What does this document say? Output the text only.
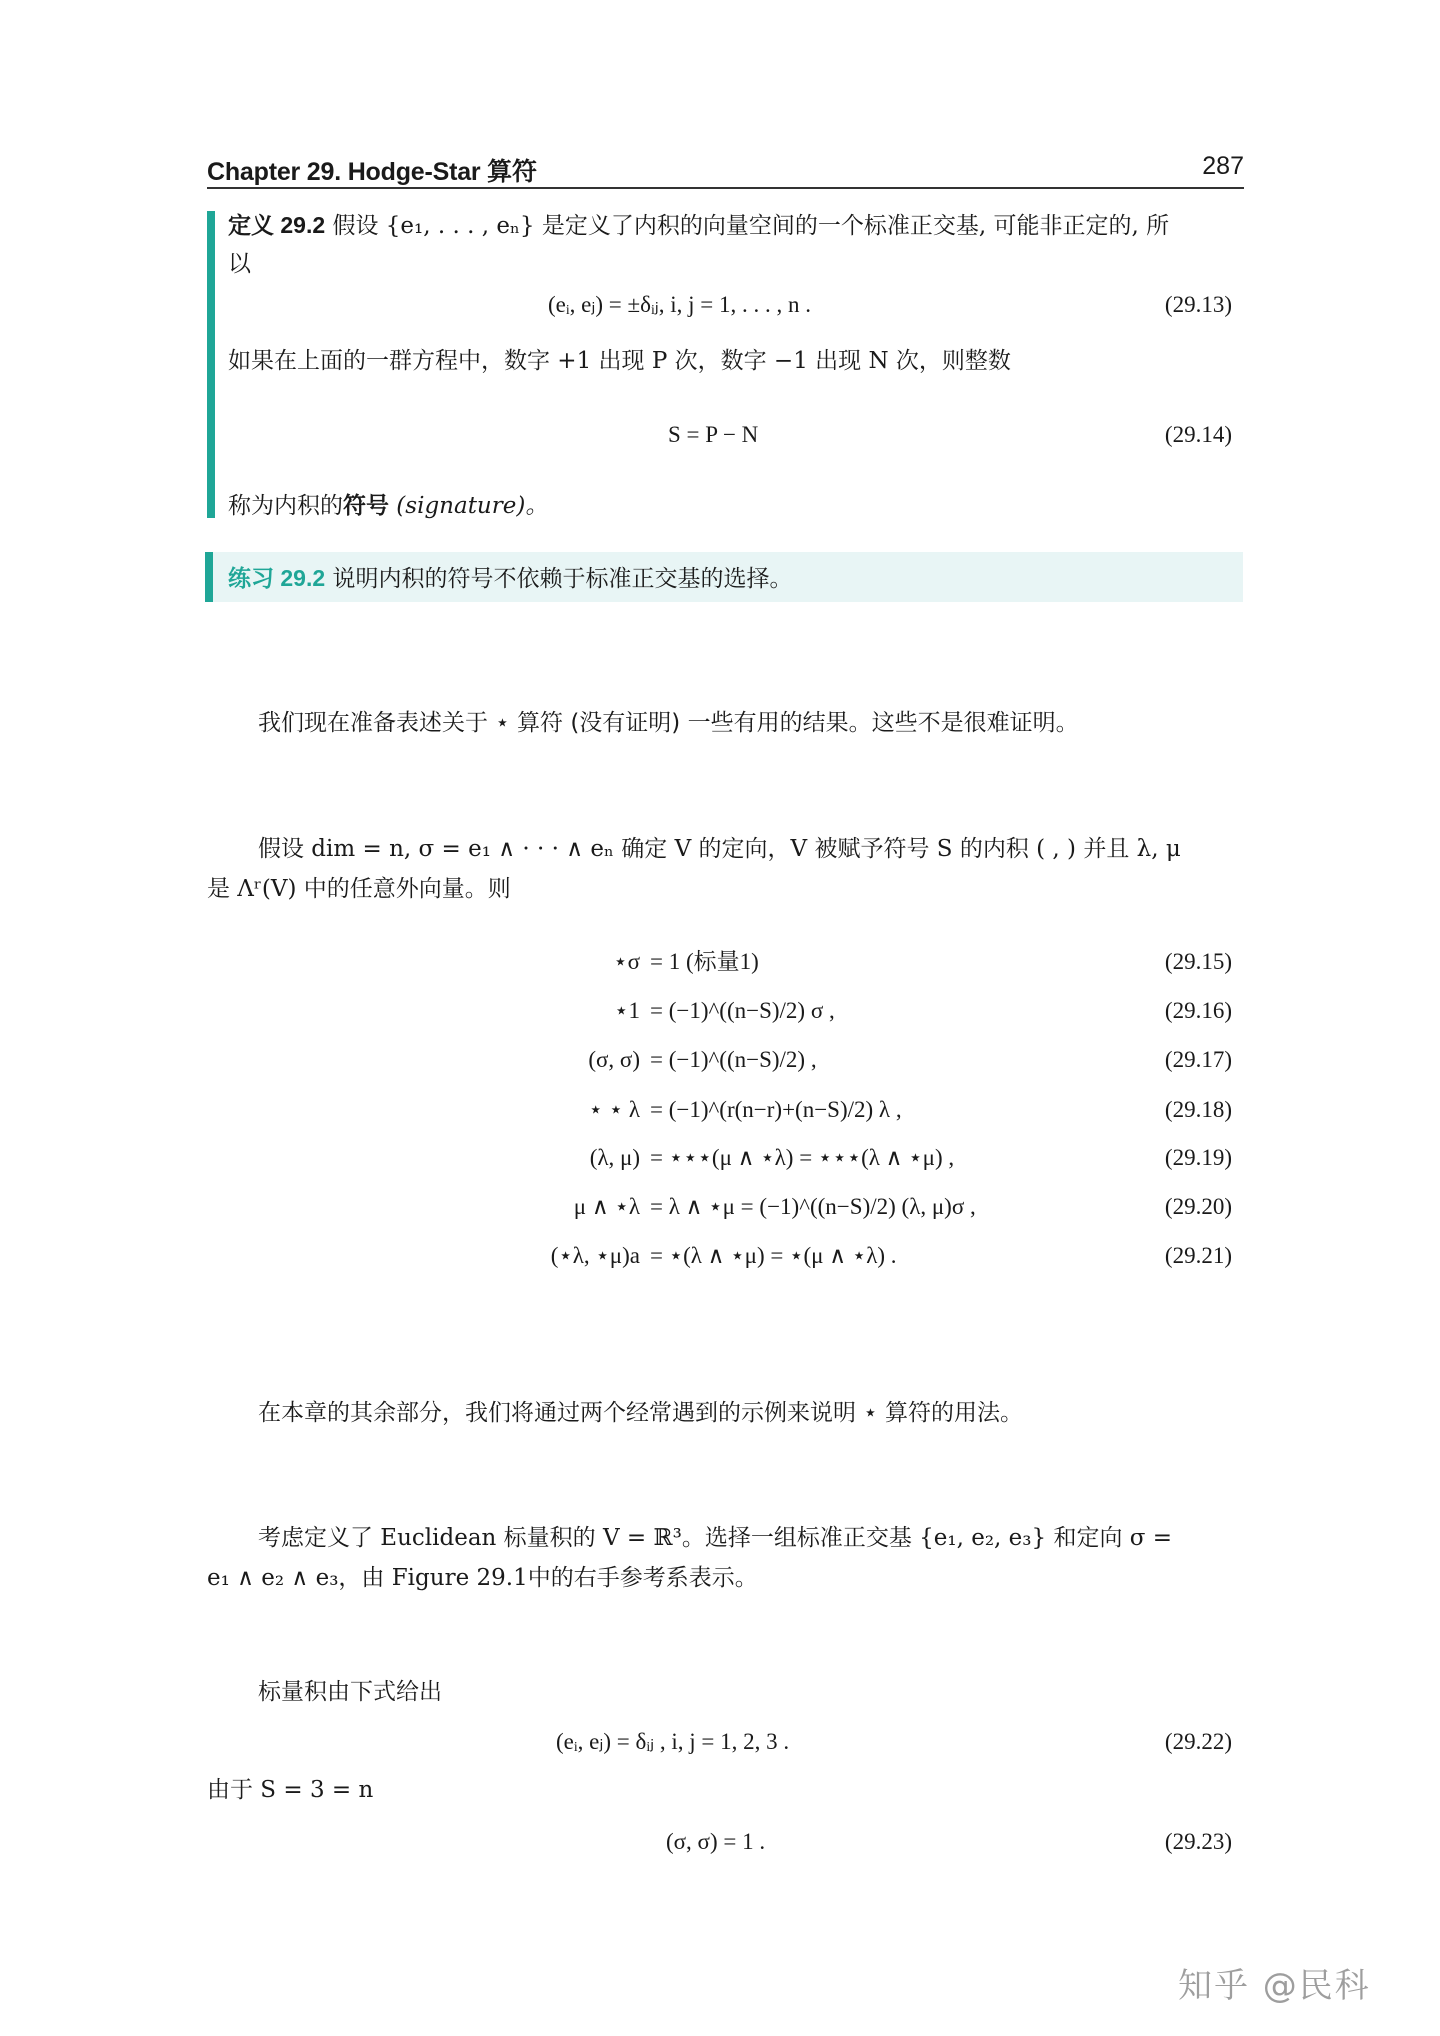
Chapter 29. Hodge-Star 算符	287
定义 29.2 假设 {e₁, . . . , eₙ} 是定义了内积的向量空间的一个标准正交基, 可能非正定的, 所
以
(eᵢ, eⱼ) = ±δᵢⱼ, i, j = 1, . . . , n .	(29.13)
如果在上面的一群方程中，数字 +1 出现 P 次，数字 −1 出现 N 次，则整数
S = P − N	(29.14)
称为内积的符号 (signature)。
练习 29.2 说明内积的符号不依赖于标准正交基的选择。
我们现在准备表述关于 ⋆ 算符 (没有证明) 一些有用的结果。这些不是很难证明。
假设 dim = n, σ = e₁ ∧ · · · ∧ eₙ 确定 V 的定向，V 被赋予符号 S 的内积 ( , ) 并且 λ, μ
是 Λʳ(V) 中的任意外向量。则
⋆σ = 1 (标量1)	(29.15)
⋆1 = (−1)^((n−S)/2) σ ,	(29.16)
(σ, σ) = (−1)^((n−S)/2) ,	(29.17)
⋆ ⋆ λ = (−1)^(r(n−r)+(n−S)/2) λ ,	(29.18)
(λ, μ) = ⋆⋆⋆(μ ∧ ⋆λ) = ⋆⋆⋆(λ ∧ ⋆μ) ,	(29.19)
μ ∧ ⋆λ = λ ∧ ⋆μ = (−1)^((n−S)/2) (λ, μ)σ ,	(29.20)
(⋆λ, ⋆μ)a = ⋆(λ ∧ ⋆μ) = ⋆(μ ∧ ⋆λ) .	(29.21)
在本章的其余部分，我们将通过两个经常遇到的示例来说明 ⋆ 算符的用法。
考虑定义了 Euclidean 标量积的 V = ℝ³。选择一组标准正交基 {e₁, e₂, e₃} 和定向 σ =
e₁ ∧ e₂ ∧ e₃，由 Figure 29.1中的右手参考系表示。
标量积由下式给出
(eᵢ, eⱼ) = δᵢⱼ , i, j = 1, 2, 3 .	(29.22)
由于 S = 3 = n
(σ, σ) = 1 .	(29.23)
知乎 @民科
